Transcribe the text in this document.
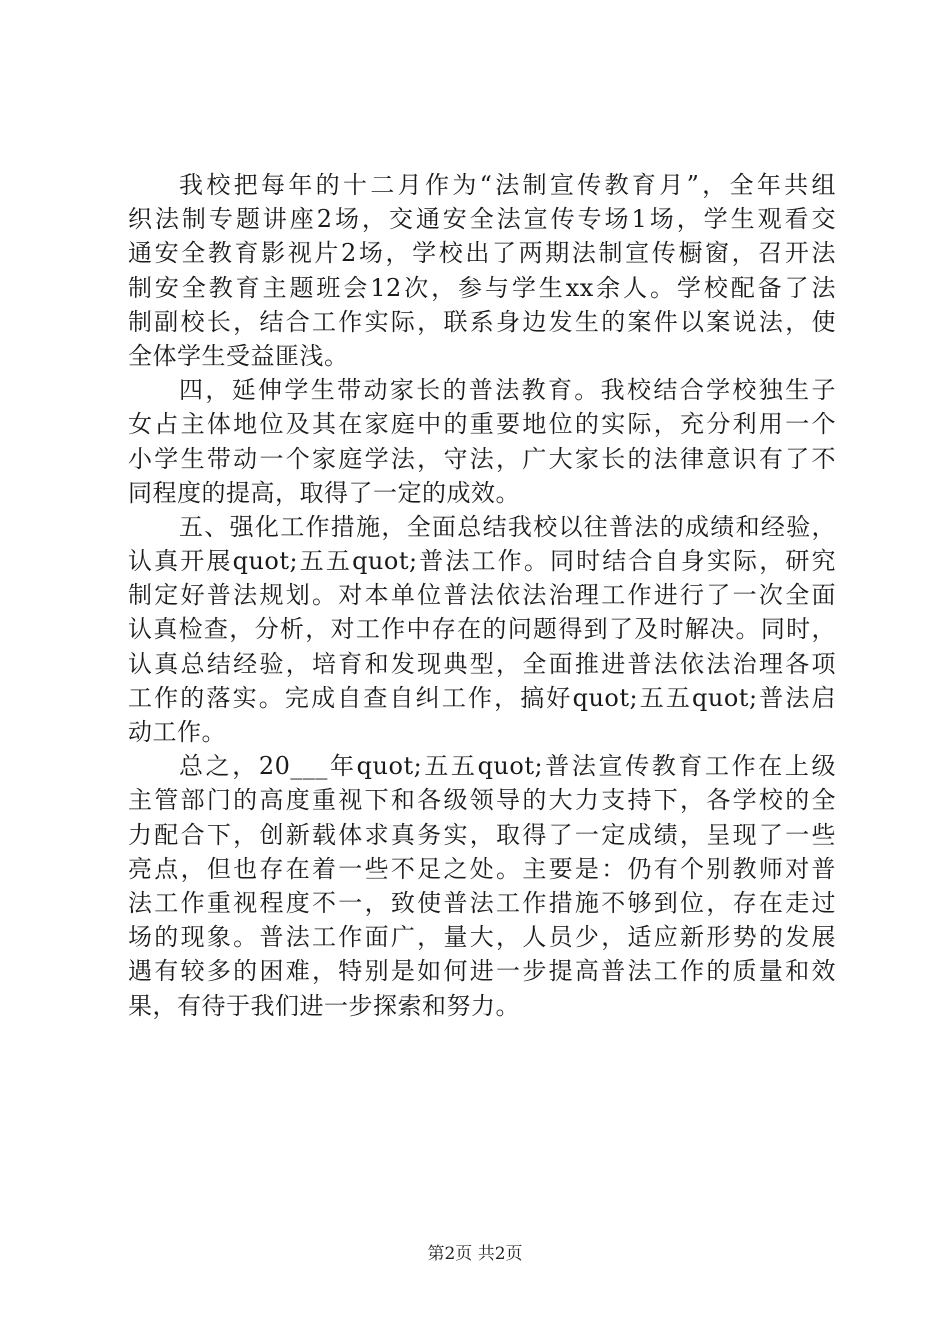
我校把每年的十二月作为“法制宣传教育月”，全年共组
织法制专题讲座2场，交通安全法宣传专场1场，学生观看交
通安全教育影视片2场，学校出了两期法制宣传橱窗，召开法
制安全教育主题班会12次，参与学生xx余人。学校配备了法
制副校长，结合工作实际，联系身边发生的案件以案说法，使
全体学生受益匪浅。
四，延伸学生带动家长的普法教育。我校结合学校独生子
女占主体地位及其在家庭中的重要地位的实际，充分利用一个
小学生带动一个家庭学法，守法，广大家长的法律意识有了不
同程度的提高，取得了一定的成效。
五、强化工作措施，全面总结我校以往普法的成绩和经验，
认真开展quot;五五quot;普法工作。同时结合自身实际，研究
制定好普法规划。对本单位普法依法治理工作进行了一次全面
认真检查，分析，对工作中存在的问题得到了及时解决。同时，
认真总结经验，培育和发现典型，全面推进普法依法治理各项
工作的落实。完成自查自纠工作，搞好quot;五五quot;普法启
动工作。
总之，20___年quot;五五quot;普法宣传教育工作在上级
主管部门的高度重视下和各级领导的大力支持下，各学校的全
力配合下，创新载体求真务实，取得了一定成绩，呈现了一些
亮点，但也存在着一些不足之处。主要是：仍有个别教师对普
法工作重视程度不一，致使普法工作措施不够到位，存在走过
场的现象。普法工作面广，量大，人员少，适应新形势的发展
遇有较多的困难，特别是如何进一步提高普法工作的质量和效
果，有待于我们进一步探索和努力。
第2页 共2页
